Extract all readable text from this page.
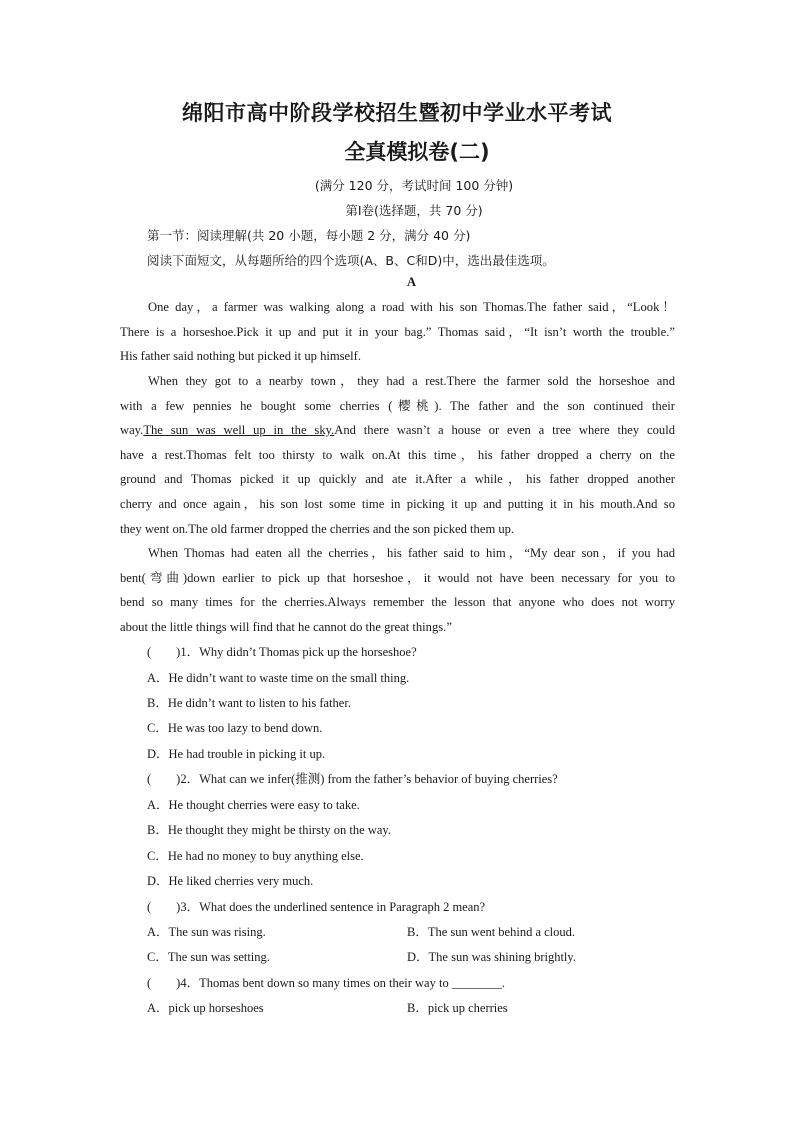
绵阳市高中阶段学校招生暨初中学业水平考试
全真模拟卷(二)
(满分 120 分，考试时间 100 分钟)
第Ⅰ卷(选择题，共 70 分)
第一节：阅读理解(共 20 小题，每小题 2 分，满分 40 分)
阅读下面短文，从每题所给的四个选项(A、B、C和D)中，选出最佳选项。
A
One day，a farmer was walking along a road with his son Thomas.The father said，“Look！
There is a horseshoe.Pick it up and put it in your bag.” Thomas said，“It isn’t worth the trouble.”
His father said nothing but picked it up himself.
When they got to a nearby town，they had a rest.There the farmer sold the horseshoe and
with a few pennies he bought some cherries (樱桃). The father and the son continued their
way.The sun was well up in the sky.And there wasn’t a house or even a tree where they could
have a rest.Thomas felt too thirsty to walk on.At this time，his father dropped a cherry on the
ground and Thomas picked it up quickly and ate it.After a while，his father dropped another
cherry and once again，his son lost some time in picking it up and putting it in his mouth.And so
they went on.The old farmer dropped the cherries and the son picked them up.
When Thomas had eaten all the cherries，his father said to him，“My dear son，if you had
bent(弯曲)down earlier to pick up that horseshoe，it would not have been necessary for you to
bend so many times for the cherries.Always remember the lesson that anyone who does not worry
about the little things will find that he cannot do the great things.”
(　　)1．Why didn’t Thomas pick up the horseshoe?
A．He didn’t want to waste time on the small thing.
B．He didn’t want to listen to his father.
C．He was too lazy to bend down.
D．He had trouble in picking it up.
(　　)2．What can we infer(推测) from the father’s behavior of buying cherries?
A．He thought cherries were easy to take.
B．He thought they might be thirsty on the way.
C．He had no money to buy anything else.
D．He liked cherries very much.
(　　)3．What does the underlined sentence in Paragraph 2 mean?
A．The sun was rising.	B．The sun went behind a cloud.
C．The sun was setting.	D．The sun was shining brightly.
(　　)4．Thomas bent down so many times on their way to ________.
A．pick up horseshoes	B．pick up cherries
